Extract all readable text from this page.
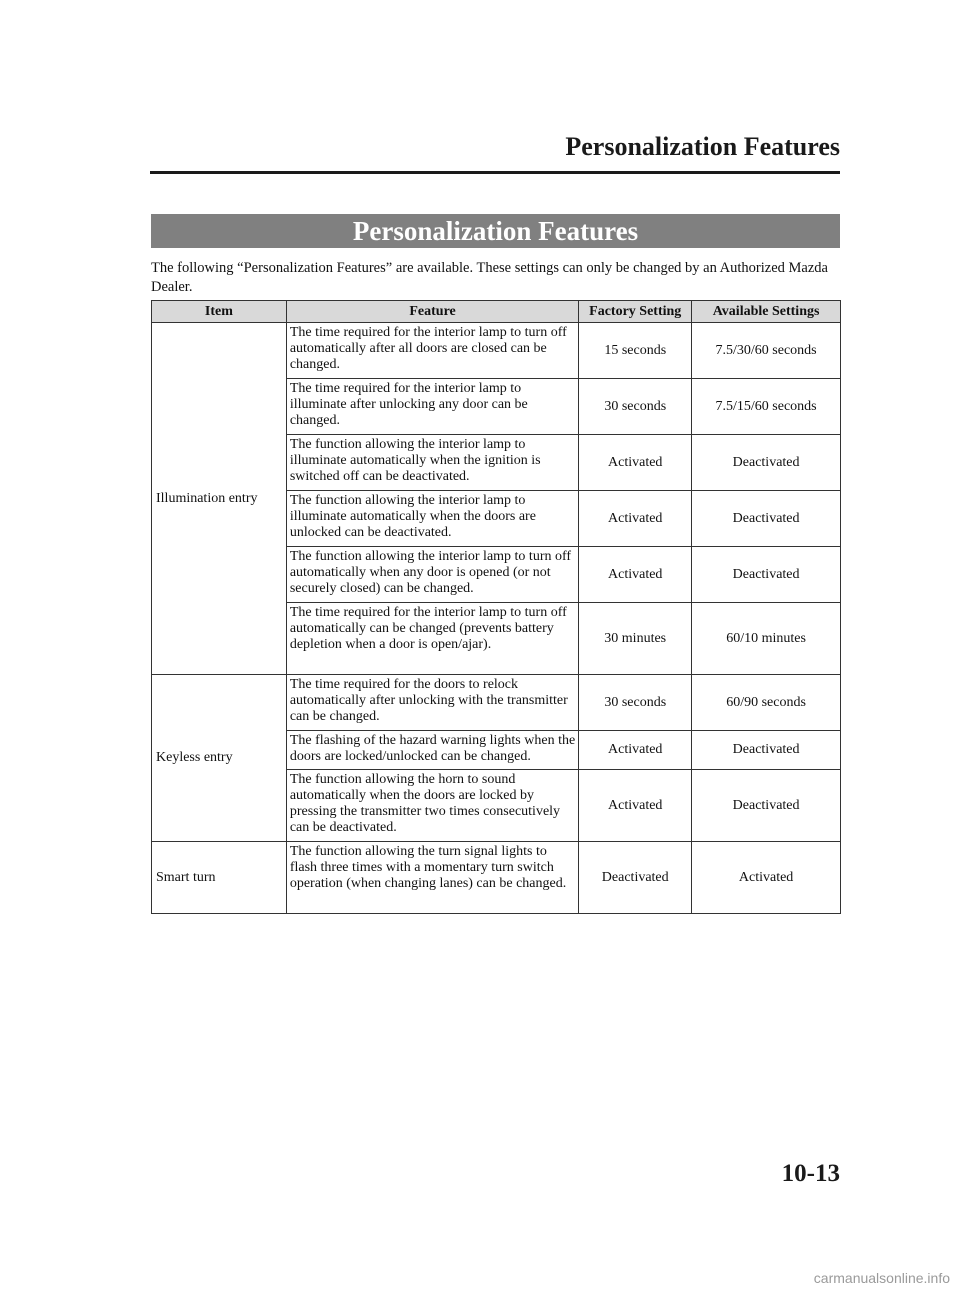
Personalization Features
Personalization Features
The following “Personalization Features” are available. These settings can only be changed by an Authorized Mazda Dealer.
Item	Feature	Factory Setting	Available Settings
Illumination entry	The time required for the interior lamp to turn off automatically after all doors are closed can be changed.	15 seconds	7.5/30/60 seconds
	The time required for the interior lamp to illuminate after unlocking any door can be changed.	30 seconds	7.5/15/60 seconds
	The function allowing the interior lamp to illuminate automatically when the ignition is switched off can be deactivated.	Activated	Deactivated
	The function allowing the interior lamp to illuminate automatically when the doors are unlocked can be deactivated.	Activated	Deactivated
	The function allowing the interior lamp to turn off automatically when any door is opened (or not securely closed) can be changed.	Activated	Deactivated
	The time required for the interior lamp to turn off automatically can be changed (prevents battery depletion when a door is open/ajar).	30 minutes	60/10 minutes
Keyless entry	The time required for the doors to relock automatically after unlocking with the transmitter can be changed.	30 seconds	60/90 seconds
	The flashing of the hazard warning lights when the doors are locked/unlocked can be changed.	Activated	Deactivated
	The function allowing the horn to sound automatically when the doors are locked by pressing the transmitter two times consecutively can be deactivated.	Activated	Deactivated
Smart turn	The function allowing the turn signal lights to flash three times with a momentary turn switch operation (when changing lanes) can be changed.	Deactivated	Activated
10-13
carmanualsonline.info
